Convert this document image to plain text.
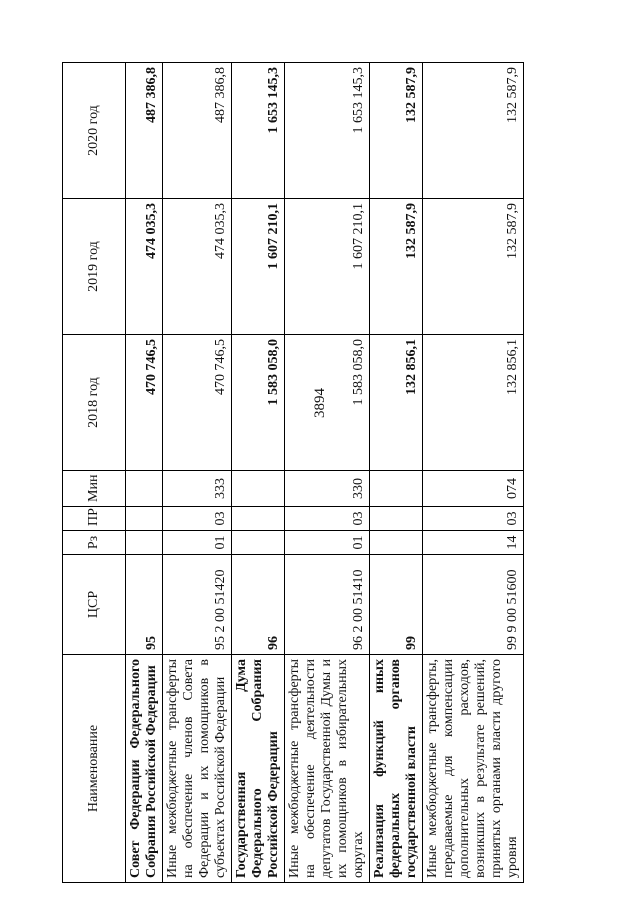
3894
Наименование	ЦСР	Рз	ПР	Мин	2018 год	2019 год	2020 год
Совет Федерации Федерального Собрания Российской Федерации	95				470 746,5	474 035,3	487 386,8
Иные межбюджетные трансферты на обеспечение членов Совета Федерации и их помощников в субъектах Российской Федерации	95 2 00 51420	01	03	333	470 746,5	474 035,3	487 386,8
Государственная Дума Федерального Собрания Российской Федерации	96				1 583 058,0	1 607 210,1	1 653 145,3
Иные межбюджетные трансферты на обеспечение деятельности депутатов Государственной Думы и их помощников в избирательных округах	96 2 00 51410	01	03	330	1 583 058,0	1 607 210,1	1 653 145,3
Реализация функций иных федеральных органов государственной власти	99				132 856,1	132 587,9	132 587,9
Иные межбюджетные трансферты, передаваемые для компенсации дополнительных расходов, возникших в результате решений, принятых органами власти другого уровня	99 9 00 51600	14	03	074	132 856,1	132 587,9	132 587,9
